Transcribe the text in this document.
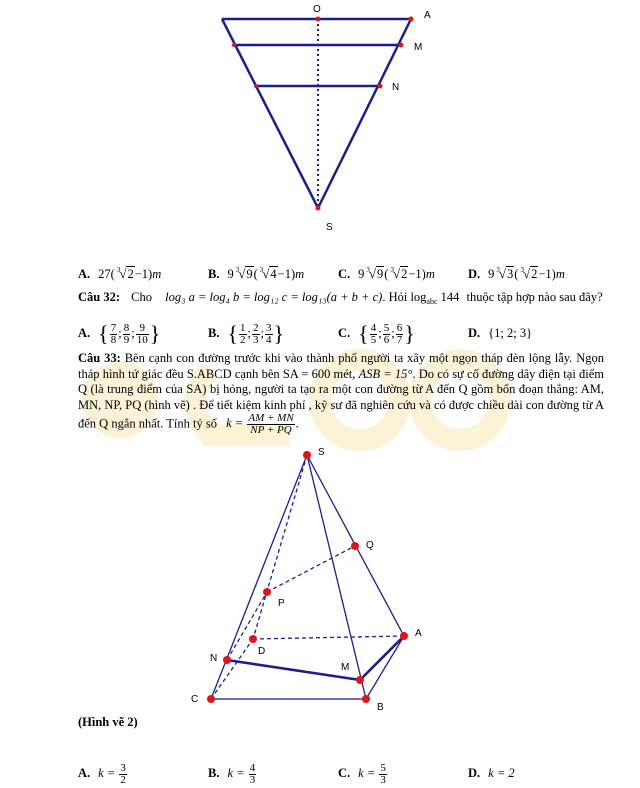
O
A
M
N
S
A. 27( $^3$√2−1)m	B. 9 $^3$√9( $^3$√4−1)m	C. 9 $^3$√9( $^3$√2−1)m	D. 9 $^3$√3( $^3$√2−1)m
Câu 32: Cho log₃ a = log₄ b = log₁₂ c = log₁₃(a + b + c). Hỏi $\log_{abc} 144$ thuộc tập hợp nào sau đây?
A. { $\frac{7}{8}$ ; $\frac{8}{9}$ ; $\frac{9}{10}$ }	B. { $\frac{1}{2}$ ; $\frac{2}{3}$ ; $\frac{3}{4}$ }	C. { $\frac{4}{5}$ ; $\frac{5}{6}$ ; $\frac{6}{7}$ }	D. {1; 2; 3}
Câu 33: Bên cạnh con đường trước khi vào thành phố người ta xây một ngọn tháp đèn lộng lẫy. Ngọn tháp hình tứ giác đều S.ABCD cạnh bên SA = 600 mét, ASB = 15°. Do có sự cố đường dây điện tại điểm Q (là trung điểm của SA) bị hỏng, người ta tạo ra một con đường từ A đến Q gồm bốn đoạn thẳng: AM, MN, NP, PQ (hình vẽ) . Để tiết kiệm kinh phí , kỹ sư đã nghiên cứu và có được chiều dài con đường từ A đến Q ngắn nhất. Tính tỷ số $k = \frac{AM + MN}{NP + PQ}$ .
S
Q
P
A
D
N
M
C
B
(Hình vẽ 2)
A. $k = \frac{3}{2}$	B. $k = \frac{4}{3}$	C. $k = \frac{5}{3}$	D. k = 2
